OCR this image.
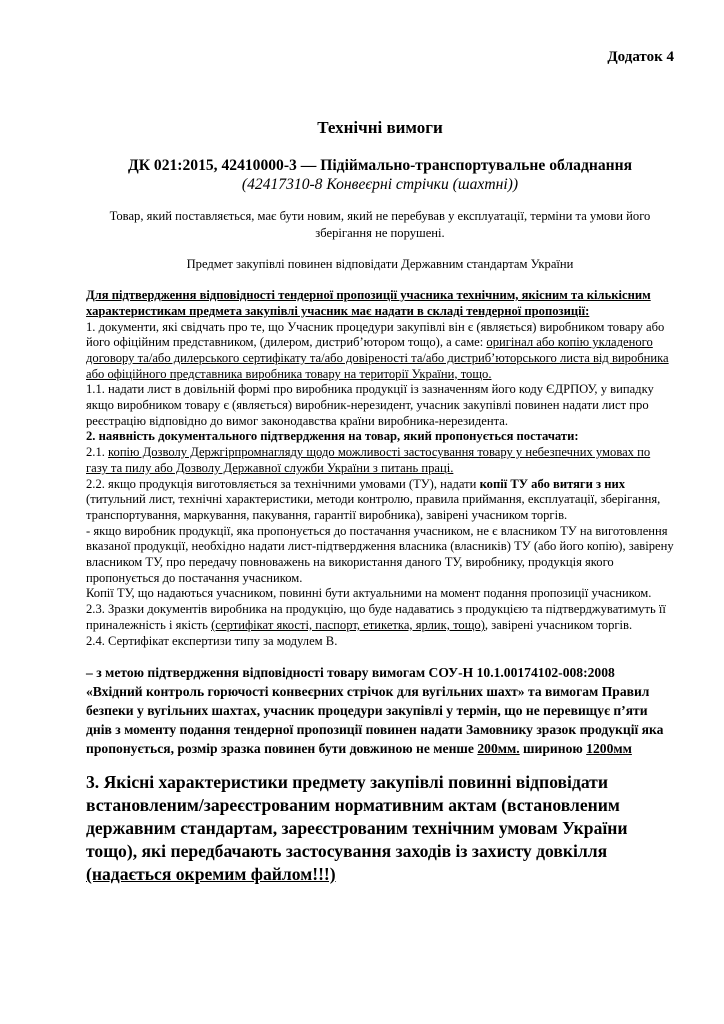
Додаток 4
Технічні вимоги
ДК 021:2015, 42410000-3 — Підіймально-транспортувальне обладнання
(42417310-8 Конвеєрні стрічки (шахтні))
Товар, який поставляється, має бути новим, який не перебував у експлуатації, терміни та умови його зберігання не порушені.
Предмет закупівлі повинен відповідати Державним стандартам України

Для підтвердження відповідності тендерної пропозиції учасника технічним, якісним та кількісним характеристикам предмета закупівлі учасник має надати в складі тендерної пропозиції:

1. документи, які свідчать про те, що Учасник процедури закупівлі він є (являється) виробником товару або його офіційним представником, (дилером, дистриб’ютором тощо), а саме: оригінал або копію укладеного договору та/або дилерського сертифікату та/або довіреності та/або дистриб’юторського листа від виробника або офіційного представника виробника товару на території України, тощо.

1.1. надати лист в довільній формі про виробника продукції із зазначенням його коду ЄДРПОУ, у випадку якщо виробником товару є (являється) виробник-нерезидент, учасник закупівлі повинен надати лист про реєстрацію відповідно до вимог законодавства країни виробника-нерезидента.

2. наявність документального підтвердження на товар, який пропонується постачати:

2.1. копію Дозволу Держгірпромнагляду щодо можливості застосування товару у небезпечних умовах по газу та пилу або Дозволу Державної служби України з питань праці.

2.2. якщо продукція виготовляється за технічними умовами (ТУ), надати копії ТУ або витяги з них (титульний лист, технічні характеристики, методи контролю, правила приймання, експлуатації, зберігання, транспортування, маркування, пакування, гарантії виробника), завірені учасником торгів.

- якщо виробник продукції, яка пропонується до постачання учасником, не є власником ТУ на виготовлення вказаної продукції, необхідно надати лист-підтвердження власника (власників) ТУ (або його копію), завірену власником ТУ, про передачу повноважень на використання даного ТУ, виробнику, продукція якого пропонується до постачання учасником.

Копії ТУ, що надаються учасником, повинні бути актуальними на момент подання пропозиції учасником.

2.3. Зразки документів виробника на продукцію, що буде надаватись з продукцією та підтверджуватимуть її приналежність і якість (сертифікат якості, паспорт, етикетка, ярлик, тощо), завірені учасником торгів.

2.4. Сертифікат експертизи типу за модулем В.

– з метою підтвердження відповідності товару вимогам СОУ-Н 10.1.00174102-008:2008 «Вхідний контроль горючості конвеєрних стрічок для вугільних шахт» та вимогам Правил безпеки у вугільних шахтах, учасник процедури закупівлі у термін, що не перевищує п’яти днів з моменту подання тендерної пропозиції повинен надати Замовнику зразок продукції яка пропонується, розмір зразка повинен бути довжиною не менше 200мм. шириною 1200мм
3. Якісні характеристики предмету закупівлі повинні відповідати встановленим/зареєстрованим нормативним актам (встановленим державним стандартам, зареєстрованим технічним умовам України тощо), які передбачають застосування заходів із захисту довкілля (надається окремим файлом!!!)
